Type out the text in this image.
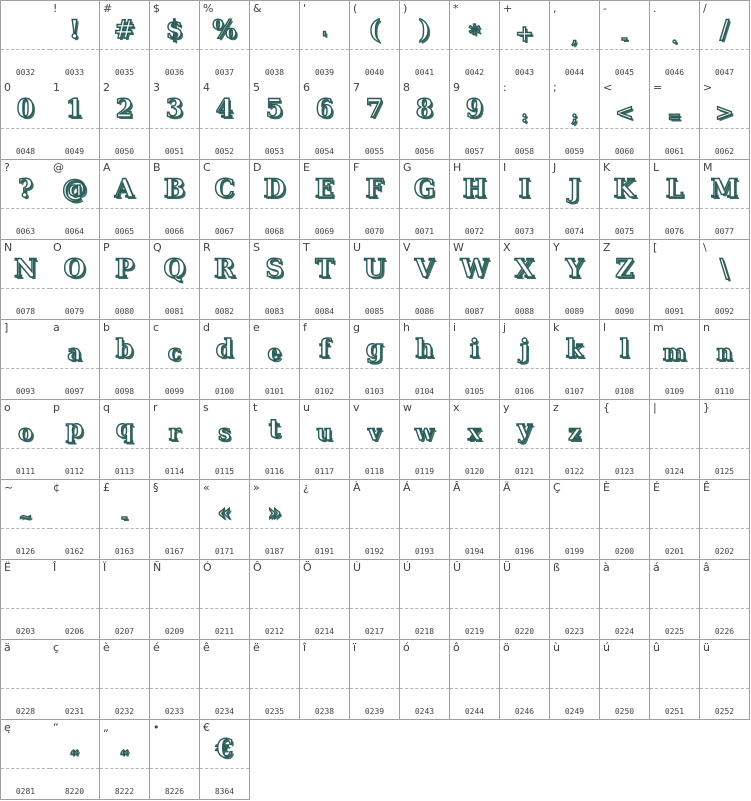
0032
!
!
0033
#
#
0035
$
$
0036
%
%
0037
&
0038
'
'
0039
(
(
0040
)
)
0041
*
*
0042
+
+
0043
,
,
0044
-
-
0045
.
.
0046
/
/
0047
0
0
0048
1
1
0049
2
2
0050
3
3
0051
4
4
0052
5
5
0053
6
6
0054
7
7
0055
8
8
0056
9
9
0057
:
:
0058
;
;
0059
<
<
0060
=
=
0061
>
>
0062
?
?
0063
@
@
0064
A
A
0065
B
B
0066
C
C
0067
D
D
0068
E
E
0069
F
F
0070
G
G
0071
H
H
0072
I
I
0073
J
J
0074
K
K
0075
L
L
0076
M
M
0077
N
N
0078
O
O
0079
P
P
0080
Q
Q
0081
R
R
0082
S
S
0083
T
T
0084
U
U
0085
V
V
0086
W
W
0087
X
X
0088
Y
Y
0089
Z
Z
0090
[
0091
\
\
0092
]
0093
a
a
0097
b
b
0098
c
c
0099
d
d
0100
e
e
0101
f
f
0102
g
g
0103
h
h
0104
i
i
0105
j
j
0106
k
k
0107
l
l
0108
m
m
0109
n
n
0110
o
o
0111
p
p
0112
q
q
0113
r
r
0114
s
s
0115
t
t
0116
u
u
0117
v
v
0118
w
w
0119
x
x
0120
y
y
0121
z
z
0122
{
0123
|
0124
}
0125
~
~
0126
¢
0162
£
-
0163
§
0167
«
«
0171
»
»
0187
¿
0191
À
0192
Á
0193
Â
0194
Ä
0196
Ç
0199
È
0200
É
0201
Ê
0202
Ë
0203
Î
0206
Ï
0207
Ñ
0209
Ó
0211
Ô
0212
Ö
0214
Ù
0217
Ú
0218
Û
0219
Ü
0220
ß
0223
à
0224
á
0225
â
0226
ä
0228
ç
0231
è
0232
é
0233
ê
0234
ë
0235
î
0238
ï
0239
ó
0243
ô
0244
ö
0246
ù
0249
ú
0250
û
0251
ü
0252
ę
0281
“
“
8220
„
“
8222
•
8226
€
€
8364
